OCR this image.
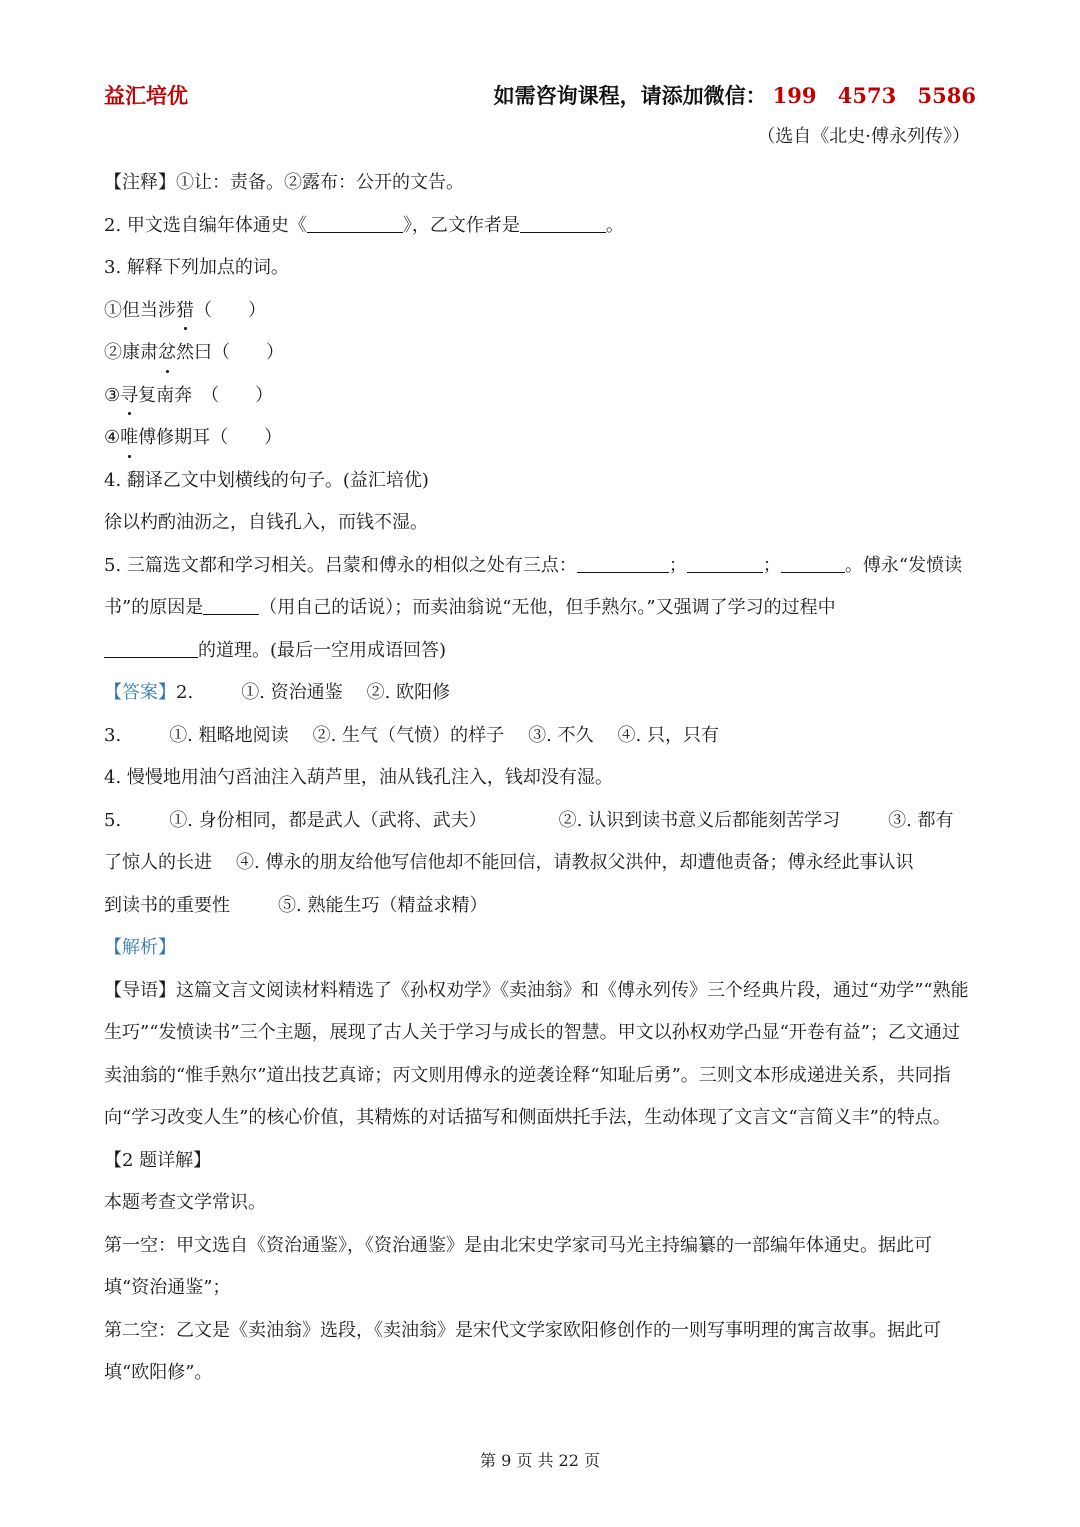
益汇培优	如需咨询课程，请添加微信： 199 4573 5586
（选自《北史·傅永列传》）

【注释】①让：责备。②露布：公开的文告。

2. 甲文选自编年体通史《	》，乙文作者是	。

3. 解释下列加点的词。

①但当涉猎（　　）

②康肃忿然曰（　　）

③寻复南奔　（　　）

④唯傅修期耳（　　）

4. 翻译乙文中划横线的句子。(益汇培优)

徐以杓酌油沥之，自钱孔入，而钱不湿。

5. 三篇选文都和学习相关。吕蒙和傅永的相似之处有三点：	；	；	。傅永“发愤读书”的原因是	（用自己的话说）；而卖油翁说“无他，但手熟尔。”又强调了学习的过程中
的道理。(最后一空用成语回答)

【答案】2.	①. 资治通鉴 ②. 欧阳修

3.	①. 粗略地阅读 ②. 生气（气愤）的样子 ③. 不久 ④. 只，只有

4. 慢慢地用油勺舀油注入葫芦里，油从钱孔注入，钱却没有湿。

5.	①. 身份相同，都是武人（武将、武夫）	②. 认识到读书意义后都能刻苦学习	③. 都有
了惊人的长进 ④. 傅永的朋友给他写信他却不能回信，请教叔父洪仲，却遭他责备；傅永经此事认识
到读书的重要性	⑤. 熟能生巧（精益求精）

【解析】

【导语】这篇文言文阅读材料精选了《孙权劝学》《卖油翁》和《傅永列传》三个经典片段，通过“劝学”“熟能生巧”“发愤读书”三个主题，展现了古人关于学习与成长的智慧。甲文以孙权劝学凸显“开卷有益”；乙文通过卖油翁的“惟手熟尔”道出技艺真谛；丙文则用傅永的逆袭诠释“知耻后勇”。三则文本形成递进关系，共同指向“学习改变人生”的核心价值，其精炼的对话描写和侧面烘托手法，生动体现了文言文“言简义丰”的特点。

【2 题详解】

本题考查文学常识。

第一空：甲文选自《资治通鉴》，《资治通鉴》是由北宋史学家司马光主持编纂的一部编年体通史。据此可填“资治通鉴”；

第二空：乙文是《卖油翁》选段，《卖油翁》是宋代文学家欧阳修创作的一则写事明理的寓言故事。据此可填“欧阳修”。

第 9 页 共 22 页
